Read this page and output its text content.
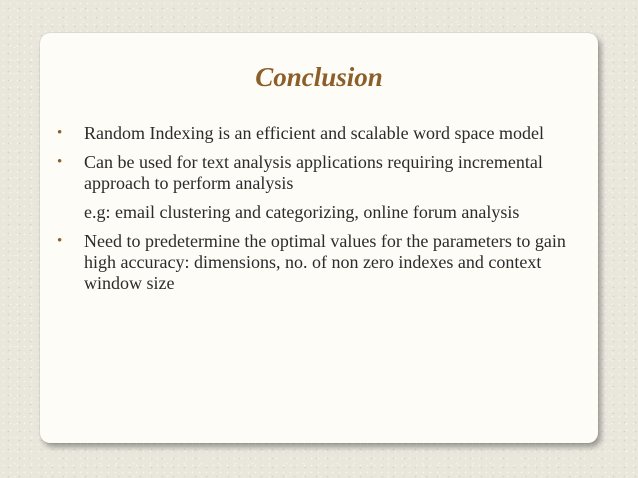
Conclusion
•	Random Indexing is an efficient and scalable word space model
•	Can be used for text analysis applications requiring incremental approach to perform analysis
e.g: email clustering and categorizing, online forum analysis
•	Need to predetermine the optimal values for the parameters to gain high accuracy: dimensions, no. of non zero indexes and context window size
